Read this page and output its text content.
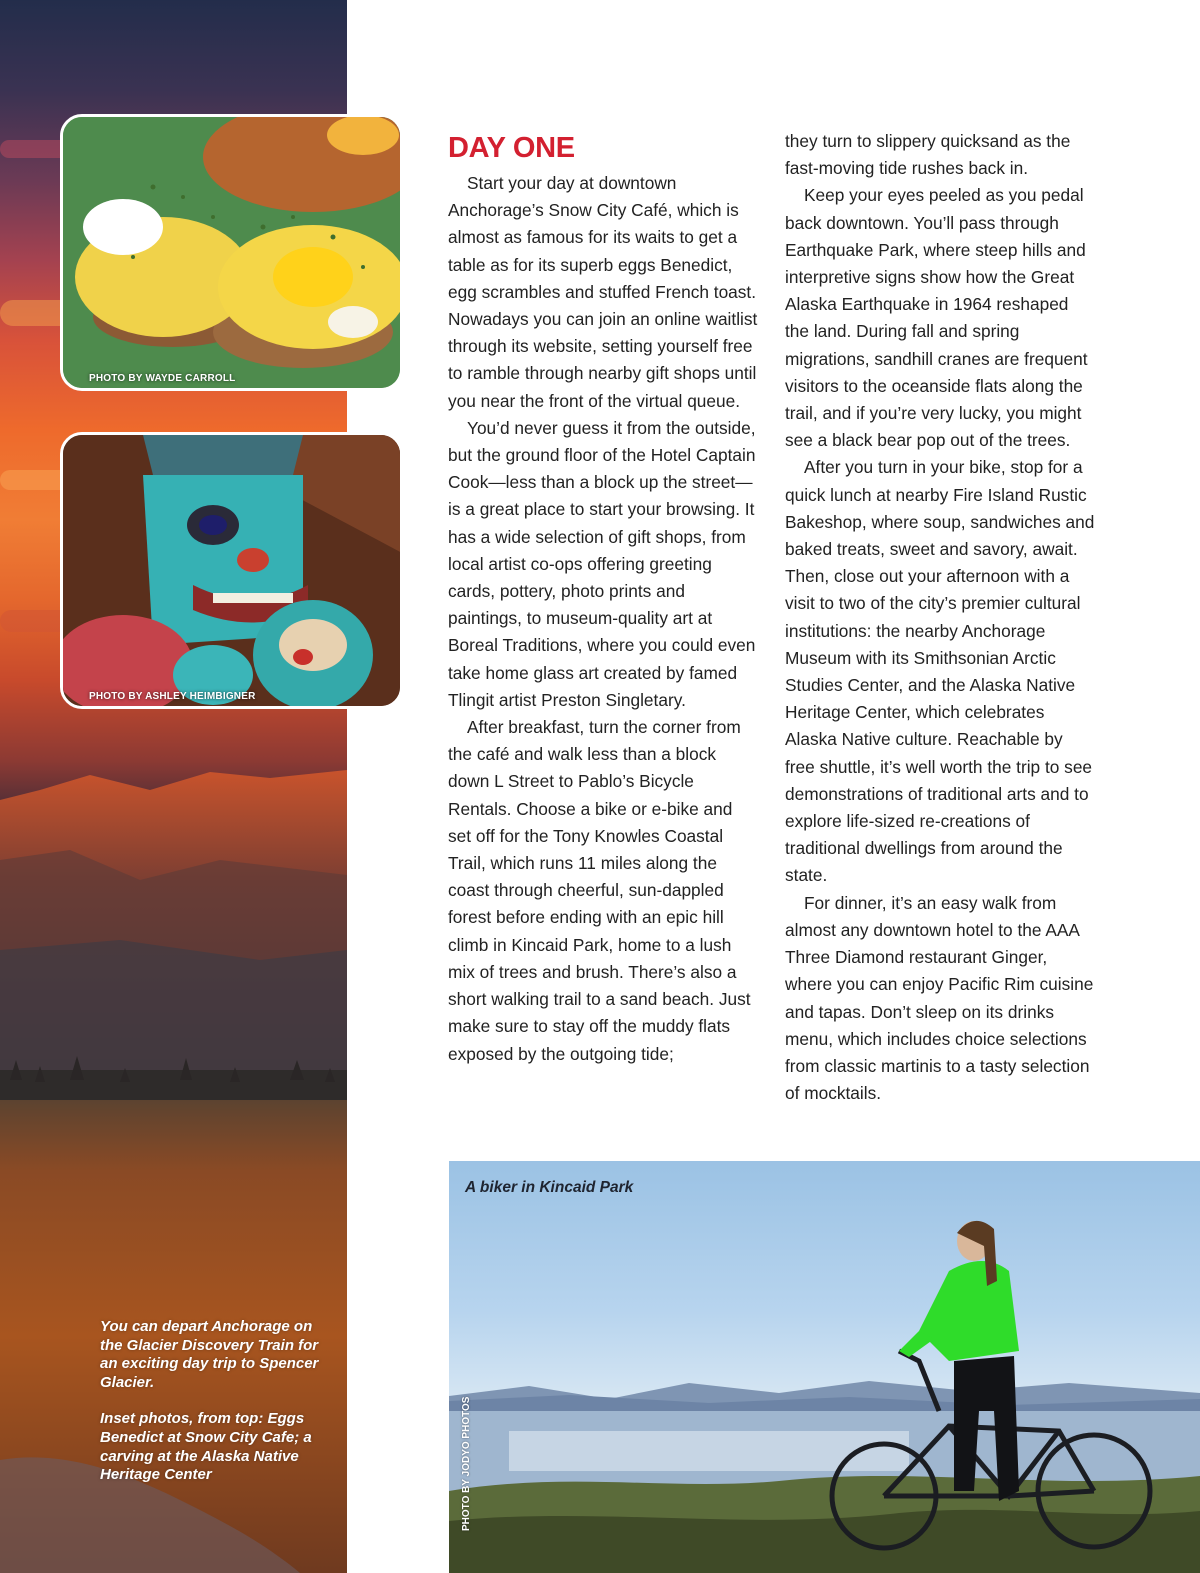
PHOTO BY WAYDE CARROLL
PHOTO BY ASHLEY HEIMBIGNER

You can depart Anchorage on the Glacier Discovery Train for an exciting day trip to Spencer Glacier.

Inset photos, from top: Eggs Benedict at Snow City Cafe; a carving at the Alaska Native Heritage Center

DAY ONE

Start your day at downtown Anchorage’s Snow City Café, which is almost as famous for its waits to get a table as for its superb eggs Benedict, egg scrambles and stuffed French toast. Nowadays you can join an online waitlist through its website, setting yourself free to ramble through nearby gift shops until you near the front of the virtual queue.

You’d never guess it from the outside, but the ground floor of the Hotel Captain Cook—less than a block up the street—is a great place to start your browsing. It has a wide selection of gift shops, from local artist co-ops offering greeting cards, pottery, photo prints and paintings, to museum-quality art at Boreal Traditions, where you could even take home glass art created by famed Tlingit artist Preston Singletary.

After breakfast, turn the corner from the café and walk less than a block down L Street to Pablo’s Bicycle Rentals. Choose a bike or e-bike and set off for the Tony Knowles Coastal Trail, which runs 11 miles along the coast through cheerful, sun-dappled forest before ending with an epic hill climb in Kincaid Park, home to a lush mix of trees and brush. There’s also a short walking trail to a sand beach. Just make sure to stay off the muddy flats exposed by the outgoing tide;

they turn to slippery quicksand as the fast-moving tide rushes back in.

Keep your eyes peeled as you pedal back downtown. You’ll pass through Earthquake Park, where steep hills and interpretive signs show how the Great Alaska Earthquake in 1964 reshaped the land. During fall and spring migrations, sandhill cranes are frequent visitors to the oceanside flats along the trail, and if you’re very lucky, you might see a black bear pop out of the trees.

After you turn in your bike, stop for a quick lunch at nearby Fire Island Rustic Bakeshop, where soup, sandwiches and baked treats, sweet and savory, await. Then, close out your afternoon with a visit to two of the city’s premier cultural institutions: the nearby Anchorage Museum with its Smithsonian Arctic Studies Center, and the Alaska Native Heritage Center, which celebrates Alaska Native culture. Reachable by free shuttle, it’s well worth the trip to see demonstrations of traditional arts and to explore life-sized re-creations of traditional dwellings from around the state.

For dinner, it’s an easy walk from almost any downtown hotel to the AAA Three Diamond restaurant Ginger, where you can enjoy Pacific Rim cuisine and tapas. Don’t sleep on its drinks menu, which includes choice selections from classic martinis to a tasty selection of mocktails.

A biker in Kincaid Park
PHOTO BY JODYO PHOTOS
